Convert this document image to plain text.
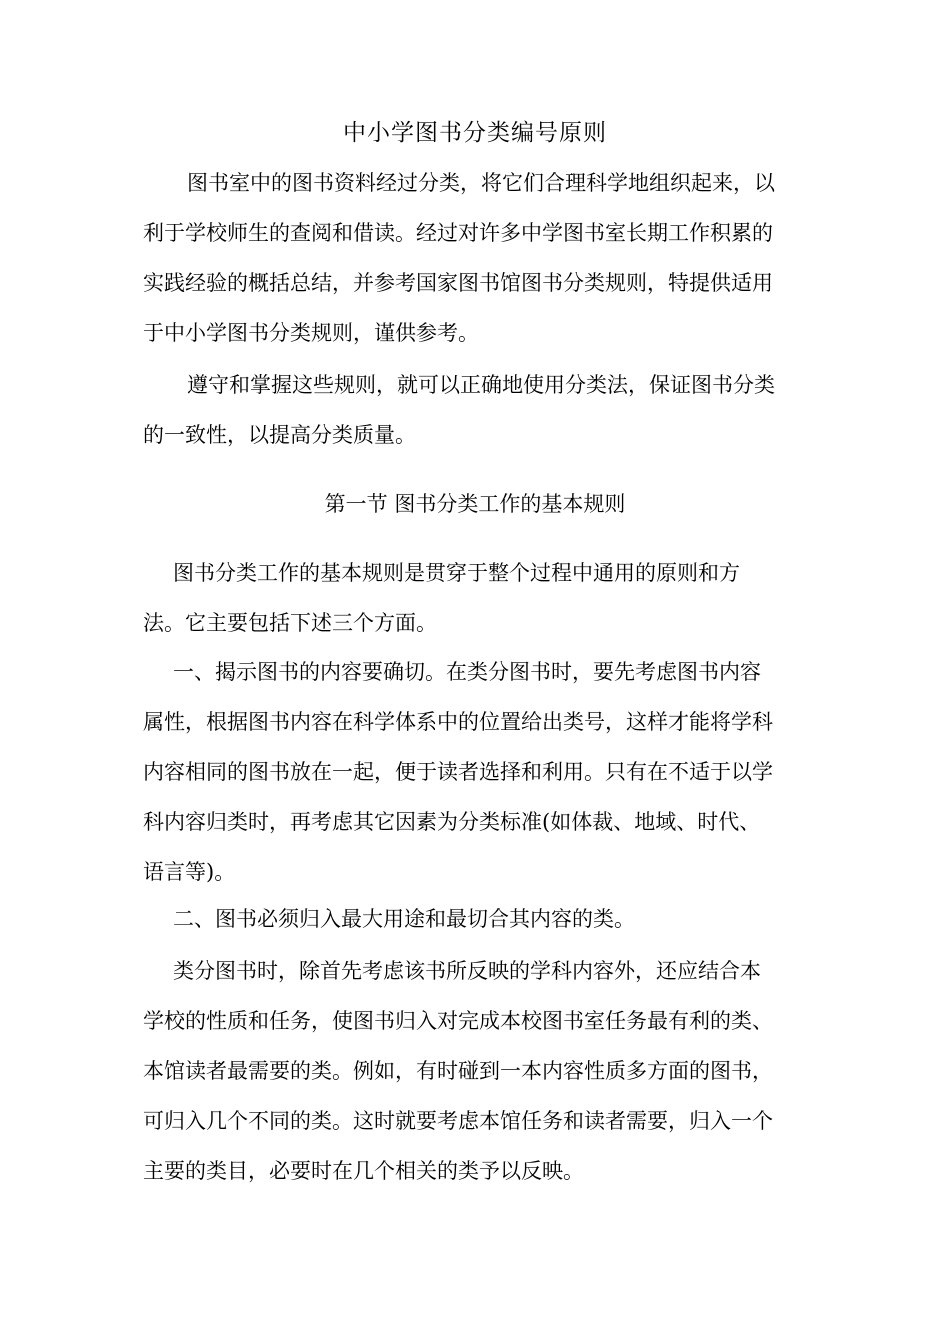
中小学图书分类编号原则

图书室中的图书资料经过分类，将它们合理科学地组织起来，以
利于学校师生的查阅和借读。经过对许多中学图书室长期工作积累的
实践经验的概括总结，并参考国家图书馆图书分类规则，特提供适用
于中小学图书分类规则，谨供参考。

遵守和掌握这些规则，就可以正确地使用分类法，保证图书分类
的一致性，以提高分类质量。

第一节 图书分类工作的基本规则

图书分类工作的基本规则是贯穿于整个过程中通用的原则和方
法。它主要包括下述三个方面。

一、揭示图书的内容要确切。在类分图书时，要先考虑图书内容
属性，根据图书内容在科学体系中的位置给出类号，这样才能将学科
内容相同的图书放在一起，便于读者选择和利用。只有在不适于以学
科内容归类时，再考虑其它因素为分类标准(如体裁、地域、时代、
语言等)。

二、图书必须归入最大用途和最切合其内容的类。

类分图书时，除首先考虑该书所反映的学科内容外，还应结合本
学校的性质和任务，使图书归入对完成本校图书室任务最有利的类、
本馆读者最需要的类。例如，有时碰到一本内容性质多方面的图书，
可归入几个不同的类。这时就要考虑本馆任务和读者需要，归入一个
主要的类目，必要时在几个相关的类予以反映。
